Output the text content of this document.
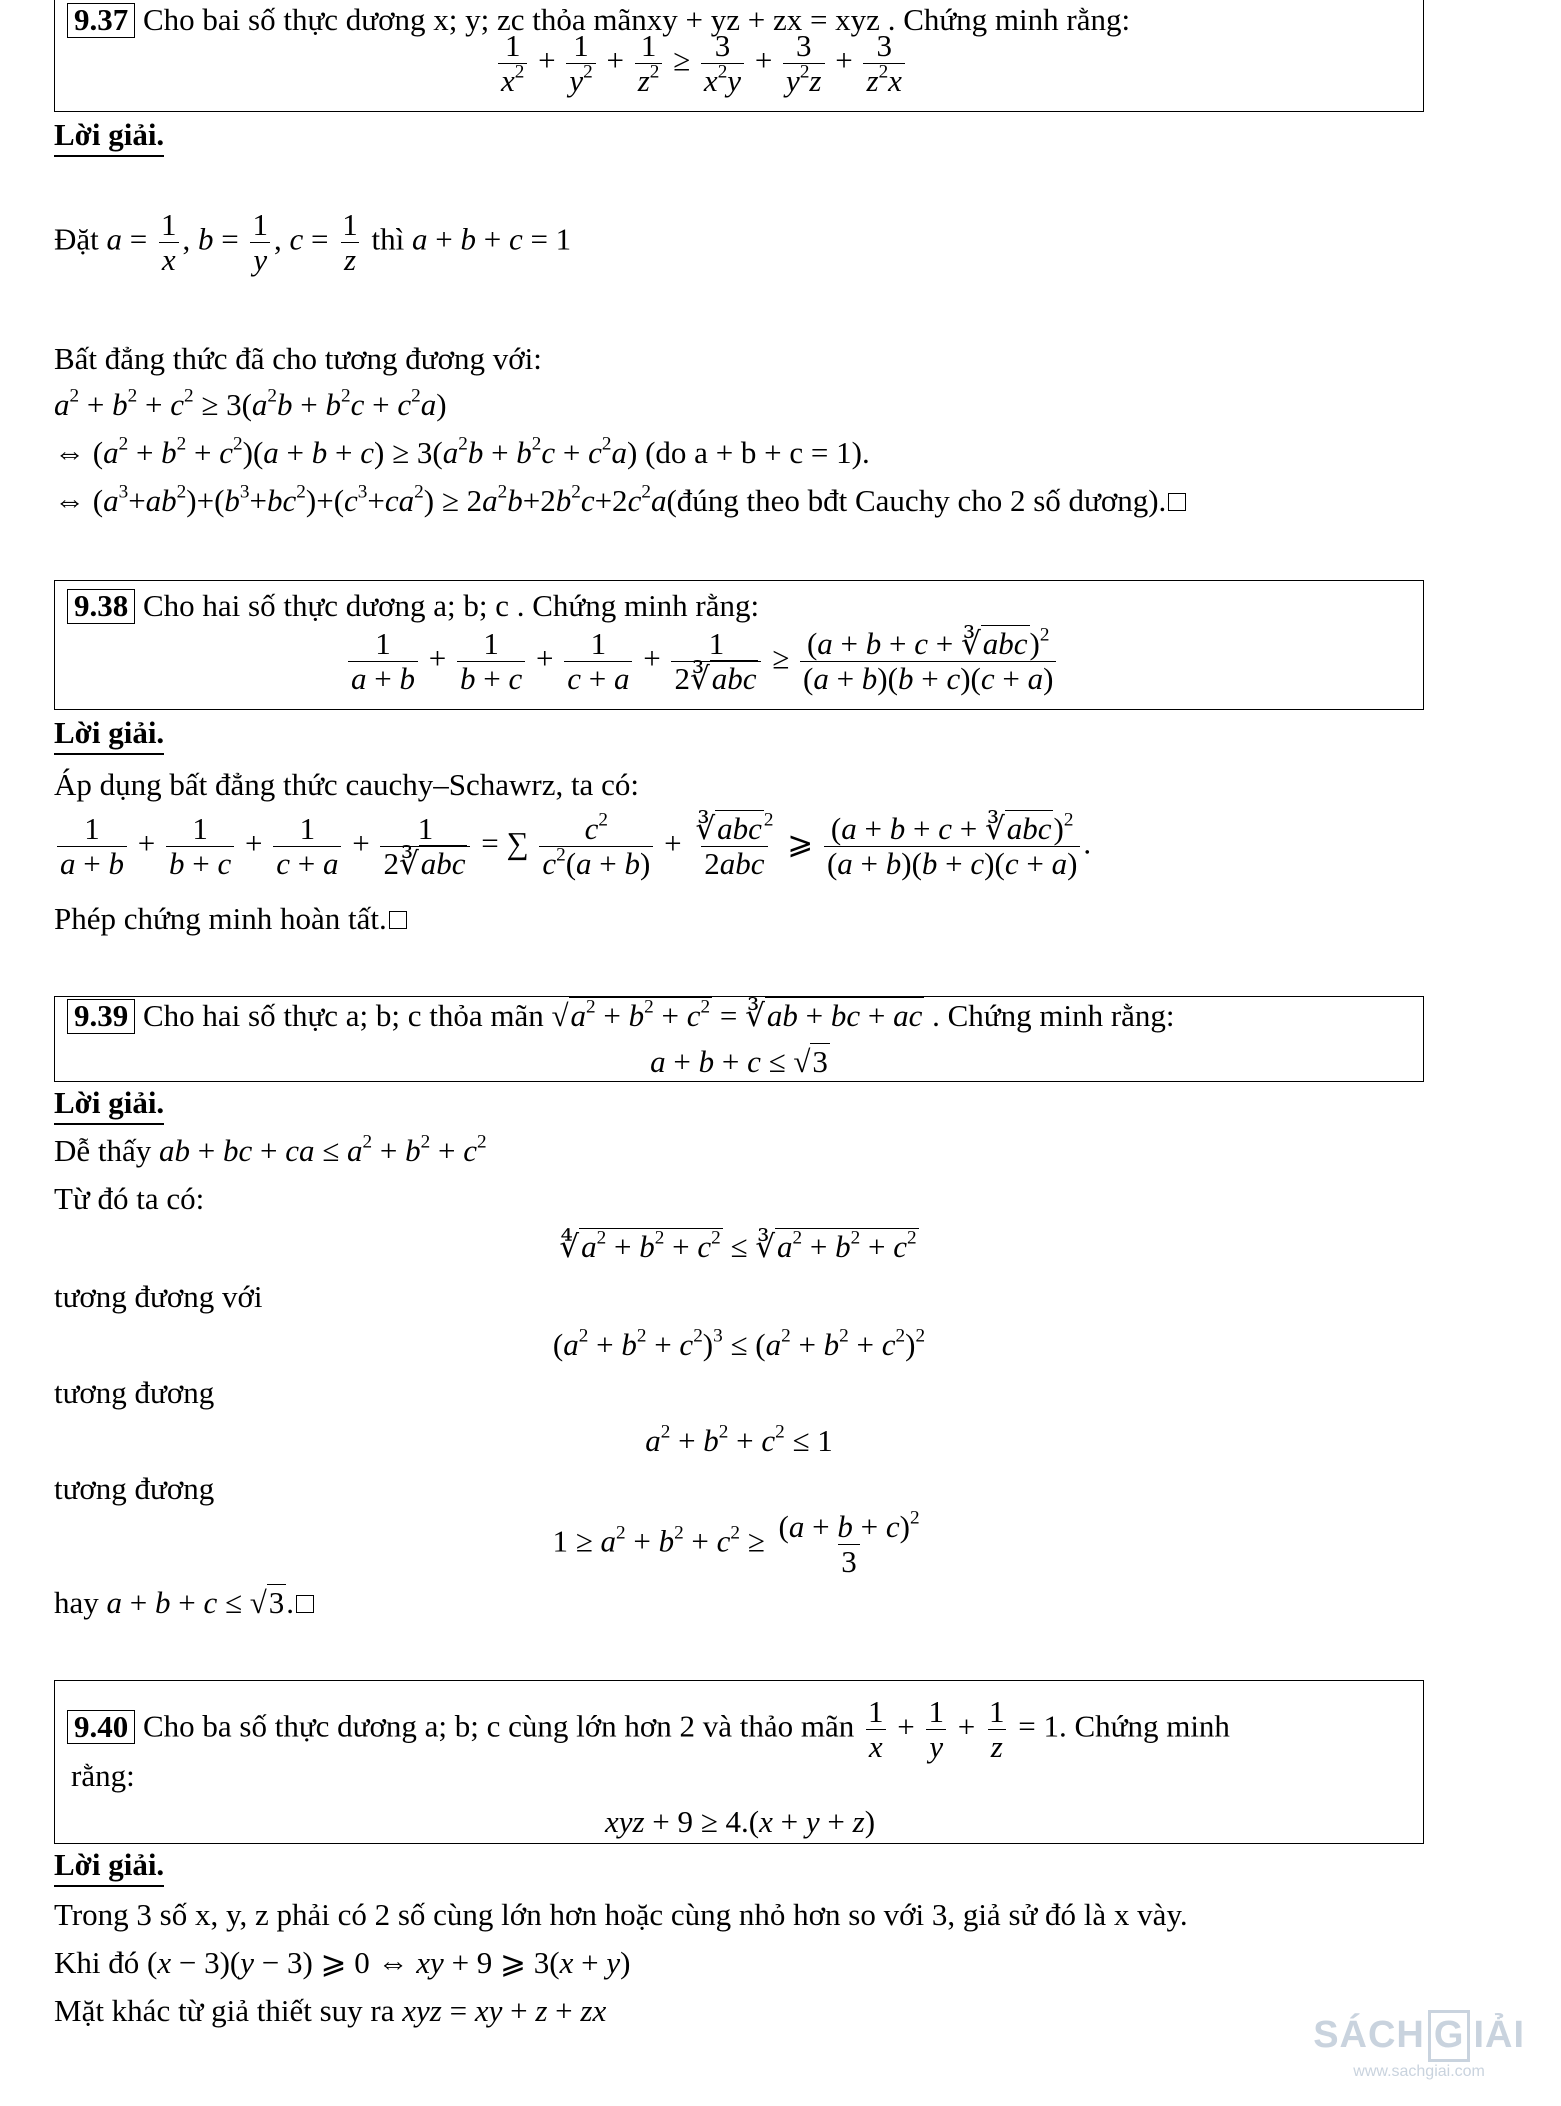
9.37 Cho bai số thực dương x; y; zc thỏa mãnxy + yz + zx = xyz . Chứng minh rằng:
$\frac{1}{x^2} + \frac{1}{y^2} + \frac{1}{z^2} \ge \frac{3}{x^2y} + \frac{3}{y^2z} + \frac{3}{z^2x}$
Lời giải.
Đặt $a = \frac{1}{x}$ , $b = \frac{1}{y}$ , $c = \frac{1}{z}$ thì a + b + c = 1
Bất đẳng thức đã cho tương đương với:
$a^2 + b^2 + c^2 \ge 3(a^2b + b^2c + c^2a)$
⇔ $(a^2 + b^2 + c^2)(a + b + c) \ge 3(a^2b + b^2c + c^2a)$ (do a + b + c = 1).
⇔ $(a^3+ab^2)+(b^3+bc^2)+(c^3+ca^2)$ ≥ $2a^2b+2b^2c+2c^2a(đúng$ theo bđt Cauchy cho 2 số dương).
9.38 Cho hai số thực dương a; b; c . Chứng minh rằng:
$\frac{1}{a + b} + \frac{1}{b + c} + \frac{1}{c + a} + \frac{1}{\text{2∛abc}} \ge \frac{(a + b + c + ∛abc)^2}{(a + b)(b + c)(c + a)}$
Lời giải.
Áp dụng bất đẳng thức cauchy–Schawrz, ta có:
$\frac{1}{a + b} + \frac{1}{b + c} + \frac{1}{c + a} + \frac{1}{\text{2∛abc}}$ = ∑ $\frac{c^2}{c^2(a + b)} + \frac{∛abc ^2}{\text{2abc}}$ ⩾ $\frac{(a + b + c + ∛abc)^2}{(a + b)(b + c)(c + a)}$ .
Phép chứng minh hoàn tất.
9.39 Cho hai số thực a; b; c thỏa mãn $√a^2 + b^2 + c^2$ = ∛ab + bc + ac . Chứng minh rằng:
a + b + c ≤ √3
Lời giải.
Dễ thấy ab + bc + ca ≤ $a^2 + b^2 + c^2$
Từ đó ta có:
$∜a^2 + b^2 + c^2$ ≤ $∛a^2 + b^2 + c^2$
tương đương với
$(a^2 + b^2 + c^2)^3 \le (a^2 + b^2 + c^2)^2$
tương đương
$a^2 + b^2 + c^2 \le 1$
tương đương
$1 \ge a^2 + b^2 + c^2 \ge \frac{(a + b + c)^2}{3}$
hay a + b + c ≤ √3.
9.40 Cho ba số thực dương a; b; c cùng lớn hơn 2 và thảo mãn $\frac{1}{x} + \frac{1}{y} + \frac{1}{z} = 1$. Chứng minh
rằng:
xyz + 9 ≥ 4.(x + y + z)
Lời giải.
Trong 3 số x, y, z phải có 2 số cùng lớn hơn hoặc cùng nhỏ hơn so với 3, giả sử đó là x vày.
Khi đó (x − 3)(y − 3) ⩾ 0 ⇔ xy + 9 ⩾ 3(x + y)
Mặt khác từ giả thiết suy ra xyz = xy + z + zx
SÁCH G IẢI
www.sachgiai.com
